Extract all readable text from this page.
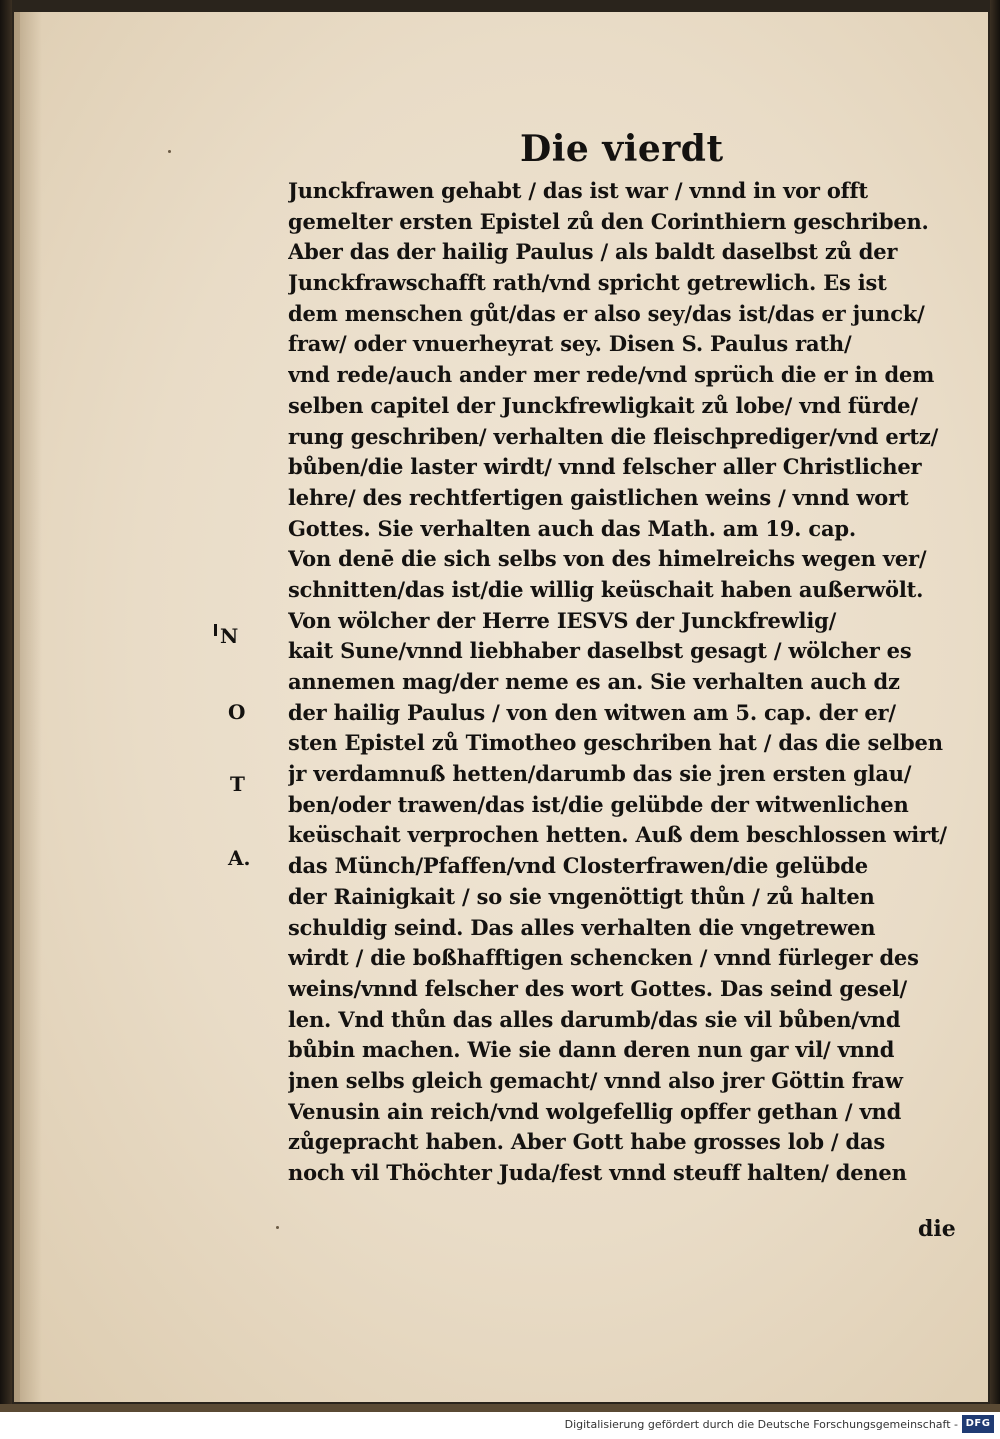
Die vierdt
Junckfrawen gehabt / das ist war / vnnd in vor offt
gemelter ersten Epistel zů den Corinthiern geschriben.
Aber das der hailig Paulus / als baldt daselbst zů der
Junckfrawschafft rath/vnd spricht getrewlich. Es ist
dem menschen gůt/das er also sey/das ist/das er junck/
fraw/ oder vnuerheyrat sey. Disen S. Paulus rath/
vnd rede/auch ander mer rede/vnd sprüch die er in dem
selben capitel der Junckfrewligkait zů lobe/ vnd fürde/
rung geschriben/ verhalten die fleischprediger/vnd ertz/
bůben/die laster wirdt/ vnnd felscher aller Christlicher
lehre/ des rechtfertigen gaistlichen weins / vnnd wort
Gottes. Sie verhalten auch das Math. am 19. cap.
Von denē die sich selbs von des himelreichs wegen ver/
schnitten/das ist/die willig keüschait haben außerwölt.
Von wölcher der Herre IESVS der Junckfrewlig/
kait Sune/vnnd liebhaber daselbst gesagt / wölcher es
annemen mag/der neme es an. Sie verhalten auch dz
der hailig Paulus / von den witwen am 5. cap. der er/
sten Epistel zů Timotheo geschriben hat / das die selben
jr verdamnuß hetten/darumb das sie jren ersten glau/
ben/oder trawen/das ist/die gelübde der witwenlichen
keüschait verprochen hetten. Auß dem beschlossen wirt/
das Münch/Pfaffen/vnd Closterfrawen/die gelübde
der Rainigkait / so sie vngenöttigt thůn / zů halten
schuldig seind. Das alles verhalten die vngetrewen
wirdt / die boßhafftigen schencken / vnnd fürleger des
weins/vnnd felscher des wort Gottes. Das seind gesel/
len. Vnd thůn das alles darumb/das sie vil bůben/vnd
bůbin machen. Wie sie dann deren nun gar vil/ vnnd
jnen selbs gleich gemacht/ vnnd also jrer Göttin fraw
Venusin ain reich/vnd wolgefellig opffer gethan / vnd
zůgepracht haben. Aber Gott habe grosses lob / das
noch vil Thöchter Juda/fest vnnd steuff halten/ denen
die
N
O
T
A.
Digitalisierung gefördert durch die Deutsche Forschungsgemeinschaft - DFG
